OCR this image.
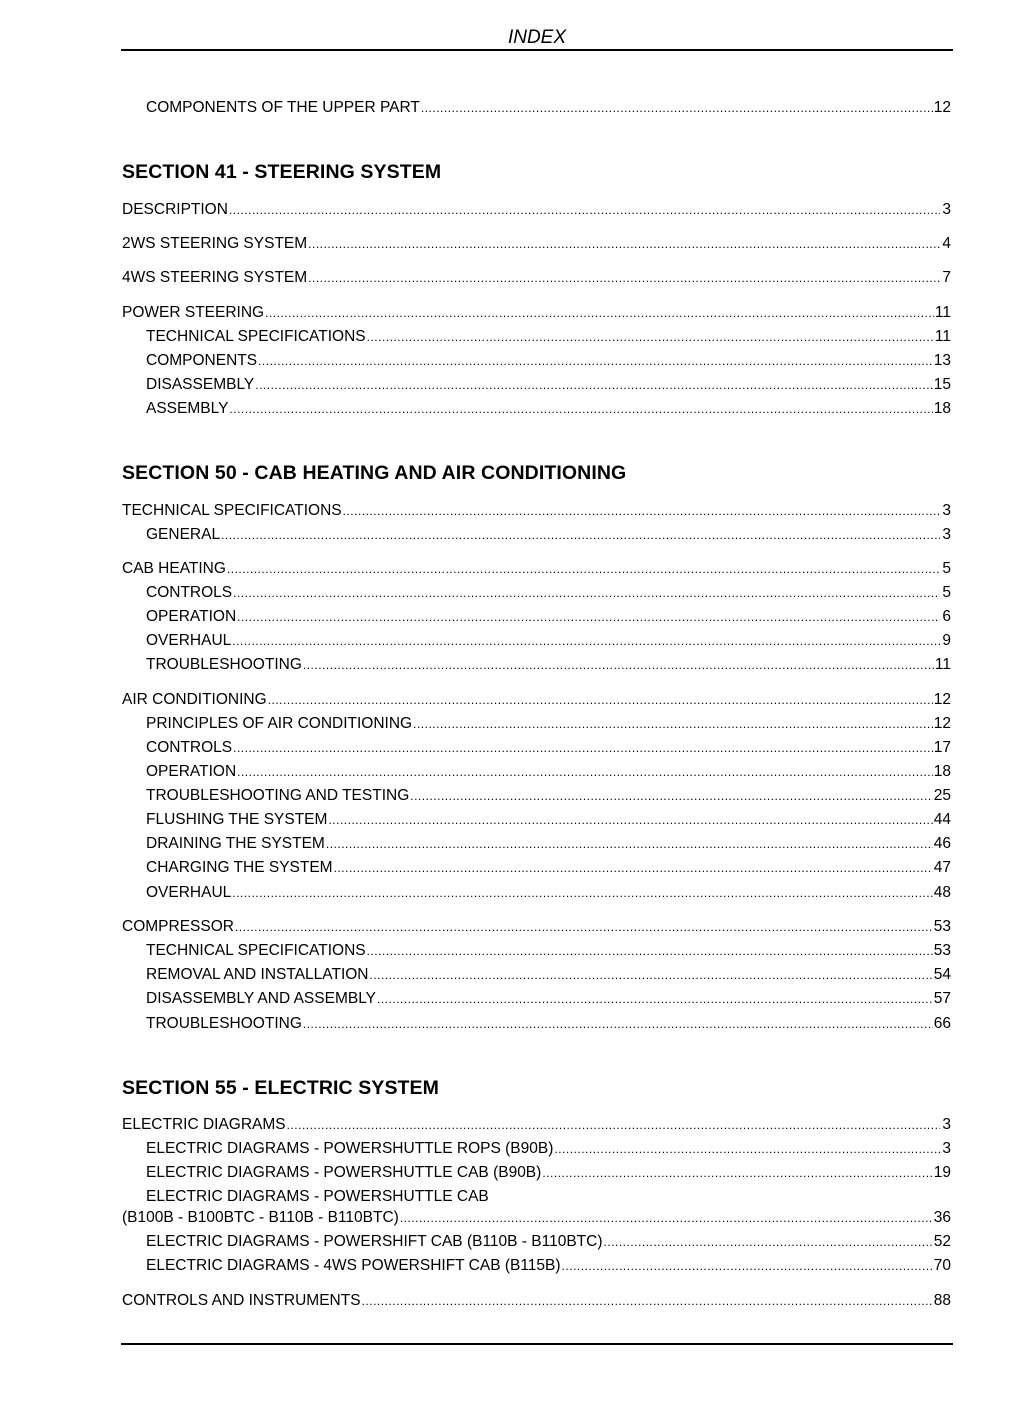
INDEX
COMPONENTS OF THE UPPER PART .....	12
SECTION 41 - STEERING SYSTEM
DESCRIPTION .....	3
2WS STEERING SYSTEM .....	4
4WS STEERING SYSTEM .....	7
POWER STEERING .....	11
TECHNICAL SPECIFICATIONS .....	11
COMPONENTS .....	13
DISASSEMBLY .....	15
ASSEMBLY .....	18
SECTION 50 - CAB HEATING AND AIR CONDITIONING
TECHNICAL SPECIFICATIONS .....	3
GENERAL .....	3
CAB HEATING .....	5
CONTROLS .....	5
OPERATION .....	6
OVERHAUL .....	9
TROUBLESHOOTING .....	11
AIR CONDITIONING .....	12
PRINCIPLES OF AIR CONDITIONING .....	12
CONTROLS .....	17
OPERATION .....	18
TROUBLESHOOTING AND TESTING .....	25
FLUSHING THE SYSTEM .....	44
DRAINING THE SYSTEM .....	46
CHARGING THE SYSTEM .....	47
OVERHAUL .....	48
COMPRESSOR .....	53
TECHNICAL SPECIFICATIONS .....	53
REMOVAL AND INSTALLATION .....	54
DISASSEMBLY AND ASSEMBLY .....	57
TROUBLESHOOTING .....	66
SECTION 55 - ELECTRIC SYSTEM
ELECTRIC DIAGRAMS .....	3
ELECTRIC DIAGRAMS - POWERSHUTTLE ROPS (B90B) .....	3
ELECTRIC DIAGRAMS - POWERSHUTTLE CAB (B90B) .....	19
ELECTRIC DIAGRAMS - POWERSHUTTLE CAB
(B100B - B100BTC - B110B - B110BTC) .....	36
ELECTRIC DIAGRAMS - POWERSHIFT CAB (B110B - B110BTC) .....	52
ELECTRIC DIAGRAMS - 4WS POWERSHIFT CAB (B115B) .....	70
CONTROLS AND INSTRUMENTS .....	88
